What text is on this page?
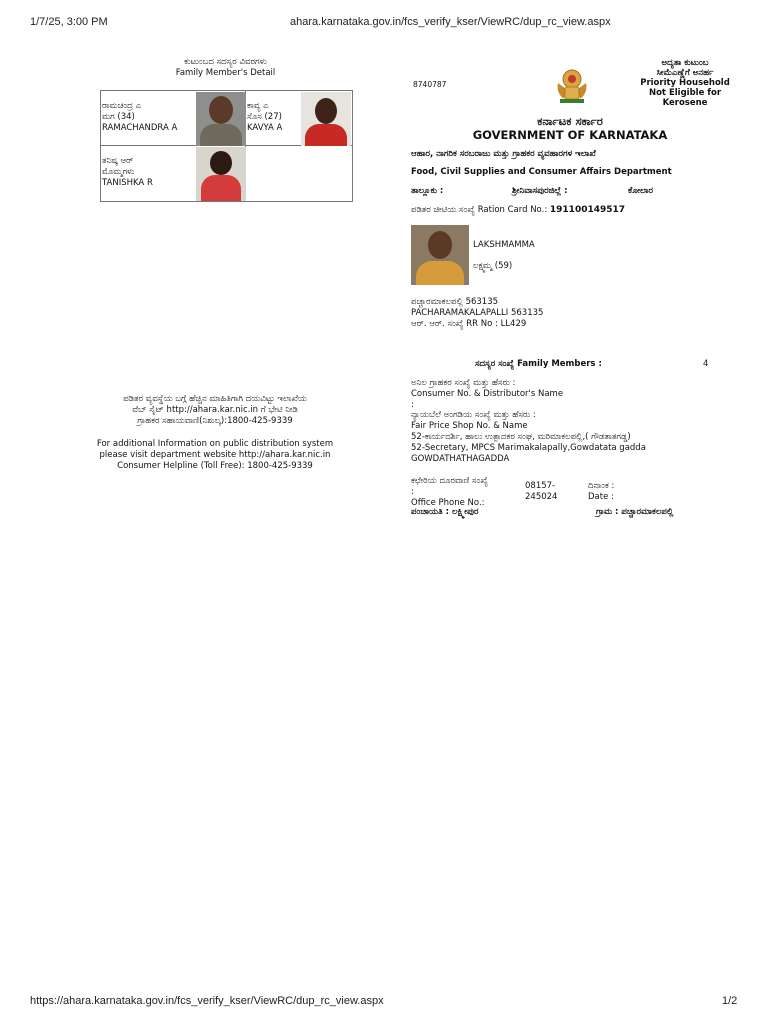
1/7/25, 3:00 PM	ahara.karnataka.gov.in/fcs_verify_kser/ViewRC/dup_rc_view.aspx
https://ahara.karnataka.gov.in/fcs_verify_kser/ViewRC/dup_rc_view.aspx	1/2
ಕುಟುಂಬದ ಸದಸ್ಯರ ವಿವರಗಳು
Family Member's Detail
ರಾಮಚಂದ್ರ ಎ
ಮಗ (34)
RAMACHANDRA A
ಕಾವ್ಯ ಎ
ಸೊಸ (27)
KAVYA A
ತನಿಷ್ಕ ಆರ್
ಮೊಮ್ಮಗಳು
TANISHKA R
ಪಡಿತರ ವ್ಯವಸ್ಥೆಯ ಬಗ್ಗೆ ಹೆಚ್ಚಿನ ಮಾಹಿತಿಗಾಗಿ ದಯವಿಟ್ಟು ಇಲಾಖೆಯ
ವೆಬ್ ಸೈಟ್ http://ahara.kar.nic.in ಗೆ ಭೇಟಿ ನೀಡಿ
ಗ್ರಾಹಕರ ಸಹಾಯವಾಣಿ(ನಿಶುಲ್ಕ):1800-425-9339
For additional Information on public distribution system
please visit department website http://ahara.kar.nic.in
Consumer Helpline (Toll Free): 1800-425-9339
8740787
ಅದ್ಯತಾ ಕುಟುಂಬ
ಸೀಮೆಎಣ್ಣೆಗೆ ಅನರ್ಹ
Priority Household
Not Eligible for
Kerosene
ಕರ್ನಾಟಕ ಸರ್ಕಾರ
GOVERNMENT OF KARNATAKA
ಆಹಾರ, ನಾಗರಿಕ ಸರಬರಾಜು ಮತ್ತು ಗ್ರಾಹಕರ ವ್ಯವಹಾರಗಳ ಇಲಾಖೆ
Food, Civil Supplies and Consumer Affairs Department
ತಾಲ್ಲೂಕು :	ಶ್ರೀನಿವಾಸಪುರಜಿಲ್ಲೆ :	ಕೋಲಾರ
ಪಡಿತರ ಚೀಟಿಯ ಸಂಖ್ಯೆ Ration Card No.: 191100149517
LAKSHMAMMA
ಲಕ್ಷ್ಮಮ್ಮ (59)
ಪಚ್ಚಾರಮಾಕಲಪಲ್ಲಿ 563135
PACHARAMAKALAPALLI 563135
ಆರ್. ಆರ್. ಸಂಖ್ಯೆ RR No : LL429
ಸದಸ್ಯರ ಸಂಖ್ಯೆ Family Members :	4
ಅನಿಲ ಗ್ರಾಹಕರ ಸಂಖ್ಯೆ ಮತ್ತು ಹೆಸರು :
Consumer No. & Distributor's Name
:
ನ್ಯಾಯಬೆಲೆ ಅಂಗಡಿಯ ಸಂಖ್ಯೆ ಮತ್ತು ಹೆಸರು :
Fair Price Shop No. & Name
52-ಕಾರ್ಯದರ್ಶಿ, ಹಾಲು ಉತ್ಪಾದಕರ ಸಂಘ, ಮರಿಮಾಕಲಪಲ್ಲಿ,( ಗೌಡತಾತಗಡ್ಡ)
52-Secretary, MPCS Marimakalapally,Gowdatata gadda
GOWDATHATHAGADDA
ಕಛೇರಿಯ ದೂರವಾಣಿ ಸಂಖ್ಯೆ
:
Office Phone No.:
08157-
245024
ದಿನಾಂಕ :
Date :
ಪಂಚಾಯತಿ : ಲಕ್ಷ್ಮೀಪುರ	ಗ್ರಾಮ : ಪಚ್ಚಾರಮಾಕಲಪಲ್ಲಿ
